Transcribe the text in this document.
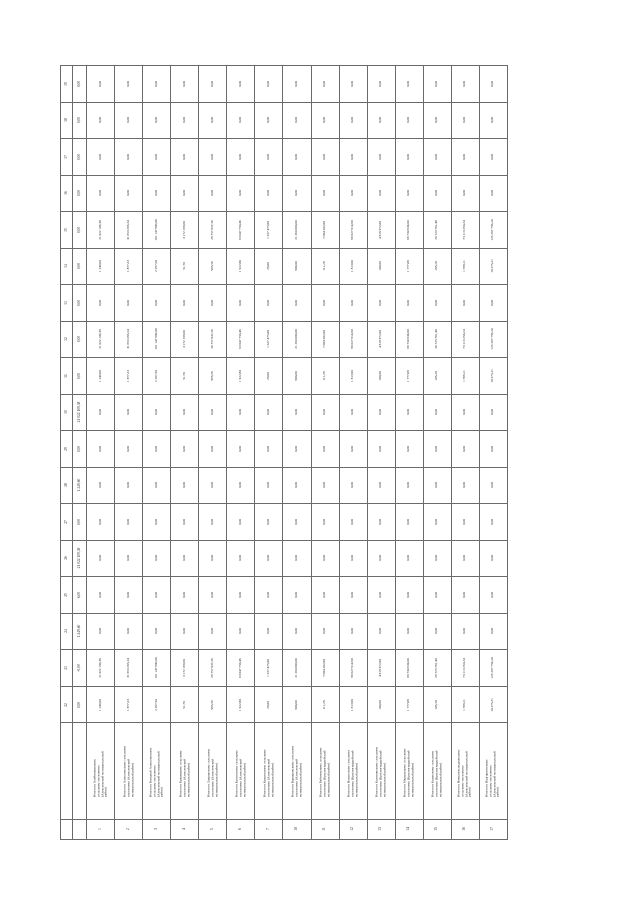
39	0,00	0,00	0,00	0,00	0,00	0,00	0,00	0,00	0,00	0,00	0,00	0,00	0,00	0,00	0,00	0,00

38	0,00	0,00	0,00	0,00	0,00	0,00	0,00	0,00	0,00	0,00	0,00	0,00	0,00	0,00	0,00	0,00

37	0,00	0,00	0,00	0,00	0,00	0,00	0,00	0,00	0,00	0,00	0,00	0,00	0,00	0,00	0,00	0,00

36	0,00	0,00	0,00	0,00	0,00	0,00	0,00	0,00	0,00	0,00	0,00	0,00	0,00	0,00	0,00	0,00

35	0,00	21 022 109,38	31 653 293,24	161 147 990,00	3 172 199,60	26 757 037,26	63 047 750,46	1 327 475,00	21 264 000,00	7 084 202,00	96 627 614,90	4 818 972,00	66 734 934,00	26 723 761,48	73 113 250,24	123 297 756,24

34	0,00	1 249,60	1 877,23	2 297,50	51,70	965,56	1 922,80	28,00	900,00	111,28	1 813,90	100,00	1 777,09	105,20	1 768,11	10 275,21

33	0,00	0,00	0,00	0,00	0,00	0,00	0,00	0,00	0,00	0,00	0,00	0,00	0,00	0,00	0,00	0,00

32	0,00	21 022 109,38	31 653 293,24	161 147 990,00	3 172 199,60	26 757 037,26	63 047 750,46	1 327 475,00	21 264 000,00	7 084 202,00	96 627 614,90	4 818 972,00	66 734 934,00	26 723 761,48	73 113 250,24	123 297 756,24

31	0,00	1 249,60	1 877,23	2 297,50	51,70	965,56	1 922,80	28,00	900,00	111,28	1 813,90	100,00	1 777,09	105,20	1 768,11	10 275,21

30	21 022 109,38	0,00	0,00	0,00	0,00	0,00	0,00	0,00	0,00	0,00	0,00	0,00	0,00	0,00	0,00	0,00

29	0,00	0,00	0,00	0,00	0,00	0,00	0,00	0,00	0,00	0,00	0,00	0,00	0,00	0,00	0,00	0,00

28	1 249,60	0,00	0,00	0,00	0,00	0,00	0,00	0,00	0,00	0,00	0,00	0,00	0,00	0,00	0,00	0,00

27	0,00	0,00	0,00	0,00	0,00	0,00	0,00	0,00	0,00	0,00	0,00	0,00	0,00	0,00	0,00	0,00

26	21 022 109,38	0,00	0,00	0,00	0,00	0,00	0,00	0,00	0,00	0,00	0,00	0,00	0,00	0,00	0,00	0,00

25	6,00	0,00	0,00	0,00	0,00	0,00	0,00	0,00	0,00	0,00	0,00	0,00	0,00	0,00	0,00	0,00

24	1 249,60	0,00	0,00	0,00	0,00	0,00	0,00	0,00	0,00	0,00	0,00	0,00	0,00	0,00	0,00	0,00

23	-0,00	21 022 109,38	31 653 293,24	161 147 990,00	3 172 199,60	26 757 037,26	63 047 750,46	1 327 475,00	21 264 000,00	7 084 202,00	96 627 614,90	4 818 972,00	66 734 934,00	26 723 761,48	73 113 250,24	123 297 756,24

22	0,00	1 249,60	1 877,23	2 297,50	51,70	965,56	1 922,80	28,00	900,00	111,28	1 813,90	100,00	1 777,09	105,20	1 768,11	10 275,21

		Итого по Алейниковскому сельскому поселению (Алексеевский муниципальный район)	Итого по Алексеевскому сельскому поселению (Алексеевский муниципальный район)	Итого по Большой Алексеевскому сельскому поселению (Алексеевский муниципальный район)	Итого по Кравецкому сельскому поселению (Алексеевский муниципальный район)	Итого по Лавровскому сельскому поселению (Алексеевский муниципальный район)	Итого по Купинскому сельскому поселению (Алексеевский муниципальный район)	Итого по Кущинскому сельскому поселению (Алексеевский муниципальный район)	Итого по Варваровскому сельскому поселению (Алексеевский муниципальный район)	Итого по Бабичевскому сельскому поселению (Красногвардейский муниципальный район)	Итого по Ильинскому сельскому поселению (Красногвардейский муниципальный район)	Итого по Калиновскому сельскому поселению (Красногвардейский муниципальный район)	Итого по Марьевскому сельскому поселению (Красногвардейский муниципальный район)	Итого по Казанскому сельскому поселению (Красногвардейский муниципальный район)	Итого по Новоалександровскому сельскому поселению (Алексеевский муниципальный район)	Итого по Подгорненскому сельскому поселению (Алексеевский муниципальный район)

		1	2	3	4	5	6	7	10	11	12	13	14	15	16	17
